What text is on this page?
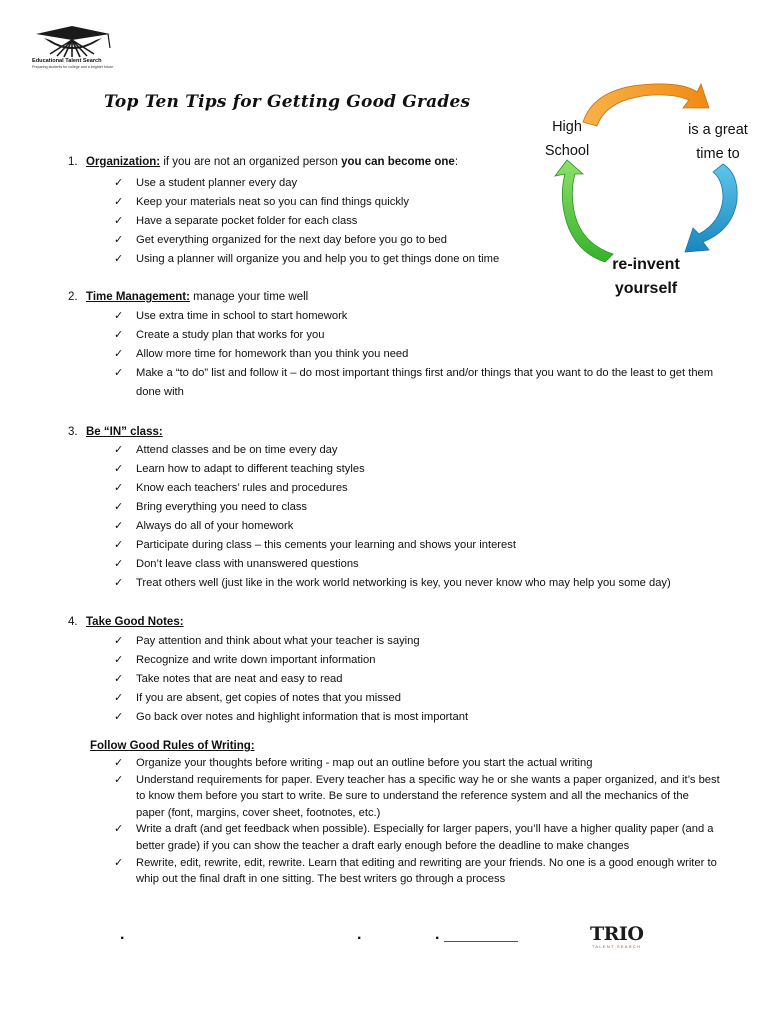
Educational Talent Search
Preparing students for college and a brighter future
Top Ten Tips for Getting Good Grades
High
School
is a great
time to
re-invent
yourself
1. Organization: if you are not an organized person you can become one:
✓ Use a student planner every day
✓ Keep your materials neat so you can find things quickly
✓ Have a separate pocket folder for each class
✓ Get everything organized for the next day before you go to bed
✓ Using a planner will organize you and help you to get things done on time
2. Time Management: manage your time well
✓ Use extra time in school to start homework
✓ Create a study plan that works for you
✓ Allow more time for homework than you think you need
✓ Make a “to do” list and follow it – do most important things first and/or things that you want to do the least to get them done with
3. Be “IN” class:
✓ Attend classes and be on time every day
✓ Learn how to adapt to different teaching styles
✓ Know each teachers’ rules and procedures
✓ Bring everything you need to class
✓ Always do all of your homework
✓ Participate during class – this cements your learning and shows your interest
✓ Don’t leave class with unanswered questions
✓ Treat others well (just like in the work world networking is key, you never know who may help you some day)
4. Take Good Notes:
✓ Pay attention and think about what your teacher is saying
✓ Recognize and write down important information
✓ Take notes that are neat and easy to read
✓ If you are absent, get copies of notes that you missed
✓ Go back over notes and highlight information that is most important
Follow Good Rules of Writing:
✓ Organize your thoughts before writing - map out an outline before you start the actual writing
✓ Understand requirements for paper. Every teacher has a specific way he or she wants a paper organized, and it’s best to know them before you start to write. Be sure to understand the reference system and all the mechanics of the paper (font, margins, cover sheet, footnotes, etc.)
✓ Write a draft (and get feedback when possible). Especially for larger papers, you’ll have a higher quality paper (and a better grade) if you can show the teacher a draft early enough before the deadline to make changes
✓ Rewrite, edit, rewrite, edit, rewrite. Learn that editing and rewriting are your friends. No one is a good enough writer to whip out the final draft in one sitting. The best writers go through a process
.	.	.	TRIO
TALENT SEARCH
